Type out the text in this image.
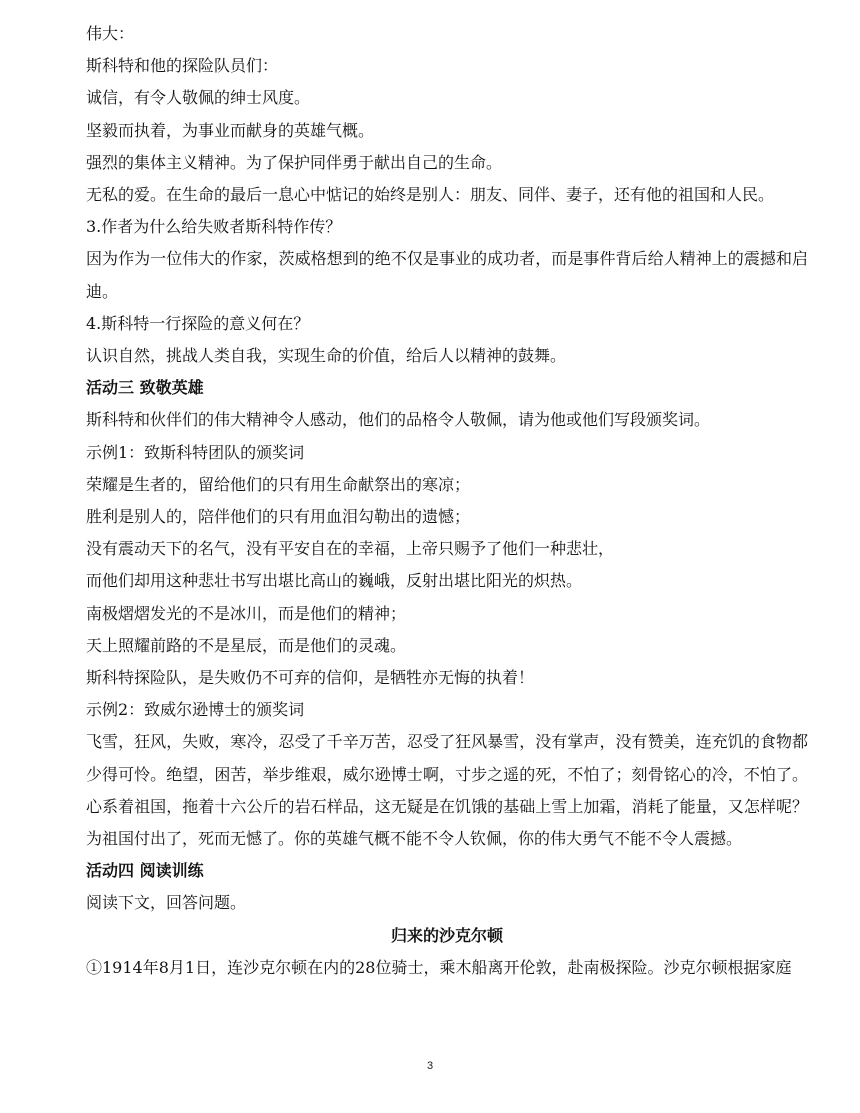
伟大：
斯科特和他的探险队员们：
诚信，有令人敬佩的绅士风度。
坚毅而执着，为事业而献身的英雄气概。
强烈的集体主义精神。为了保护同伴勇于献出自己的生命。
无私的爱。在生命的最后一息心中惦记的始终是别人：朋友、同伴、妻子，还有他的祖国和人民。
3.作者为什么给失败者斯科特作传？
因为作为一位伟大的作家，茨威格想到的绝不仅是事业的成功者，而是事件背后给人精神上的震撼和启迪。
4.斯科特一行探险的意义何在？
认识自然，挑战人类自我，实现生命的价值，给后人以精神的鼓舞。
活动三 致敬英雄
斯科特和伙伴们的伟大精神令人感动，他们的品格令人敬佩，请为他或他们写段颁奖词。
示例1：致斯科特团队的颁奖词
荣耀是生者的，留给他们的只有用生命献祭出的寒凉；
胜利是别人的，陪伴他们的只有用血泪勾勒出的遗憾；
没有震动天下的名气，没有平安自在的幸福，上帝只赐予了他们一种悲壮，
而他们却用这种悲壮书写出堪比高山的巍峨，反射出堪比阳光的炽热。
南极熠熠发光的不是冰川，而是他们的精神；
天上照耀前路的不是星辰，而是他们的灵魂。
斯科特探险队，是失败仍不可弃的信仰，是牺牲亦无悔的执着！
示例2：致威尔逊博士的颁奖词
飞雪，狂风，失败，寒冷，忍受了千辛万苦，忍受了狂风暴雪，没有掌声，没有赞美，连充饥的食物都少得可怜。绝望，困苦，举步维艰，威尔逊博士啊，寸步之遥的死，不怕了；刻骨铭心的冷，不怕了。心系着祖国，拖着十六公斤的岩石样品，这无疑是在饥饿的基础上雪上加霜，消耗了能量，又怎样呢？为祖国付出了，死而无憾了。你的英雄气概不能不令人钦佩，你的伟大勇气不能不令人震撼。
活动四 阅读训练
阅读下文，回答问题。
归来的沙克尔顿
①1914年8月1日，连沙克尔顿在内的28位骑士，乘木船离开伦敦，赴南极探险。沙克尔顿根据家庭
3
